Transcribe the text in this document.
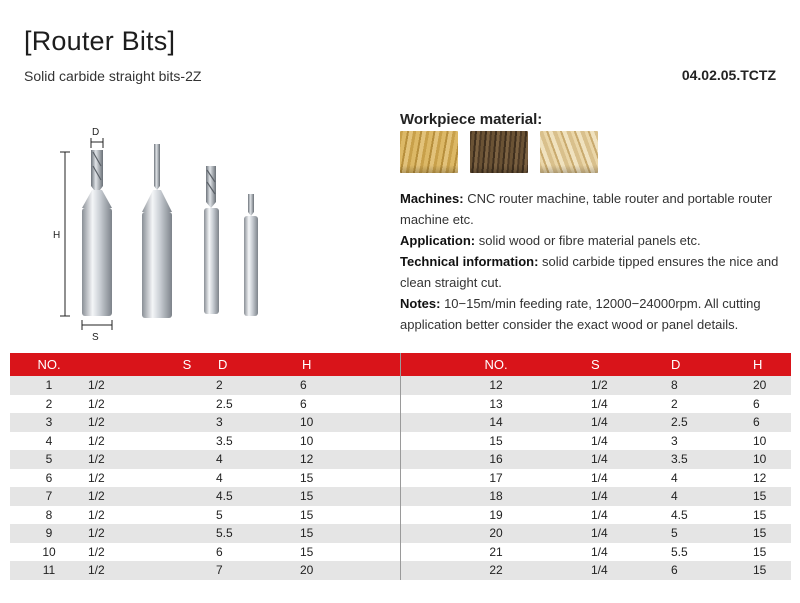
[Router Bits]
Solid carbide straight bits-2Z	04.02.05.TCTZ
H
D
S
Workpiece material:

Machines: CNC router machine, table router and portable router machine etc.

Application: solid wood or fibre material panels etc.

Technical information: solid carbide tipped ensures the nice and clean straight cut.

Notes: 10−15m/min feeding rate, 12000−24000rpm. All cutting application better consider the exact wood or panel details.

NO.	S	D	H
1	1/2	2	6
2	1/2	2.5	6
3	1/2	3	10
4	1/2	3.5	10
5	1/2	4	12
6	1/2	4	15
7	1/2	4.5	15
8	1/2	5	15
9	1/2	5.5	15
10	1/2	6	15
11	1/2	7	20
NO.	S	D	H
12	1/2	8	20
13	1/4	2	6
14	1/4	2.5	6
15	1/4	3	10
16	1/4	3.5	10
17	1/4	4	12
18	1/4	4	15
19	1/4	4.5	15
20	1/4	5	15
21	1/4	5.5	15
22	1/4	6	15
